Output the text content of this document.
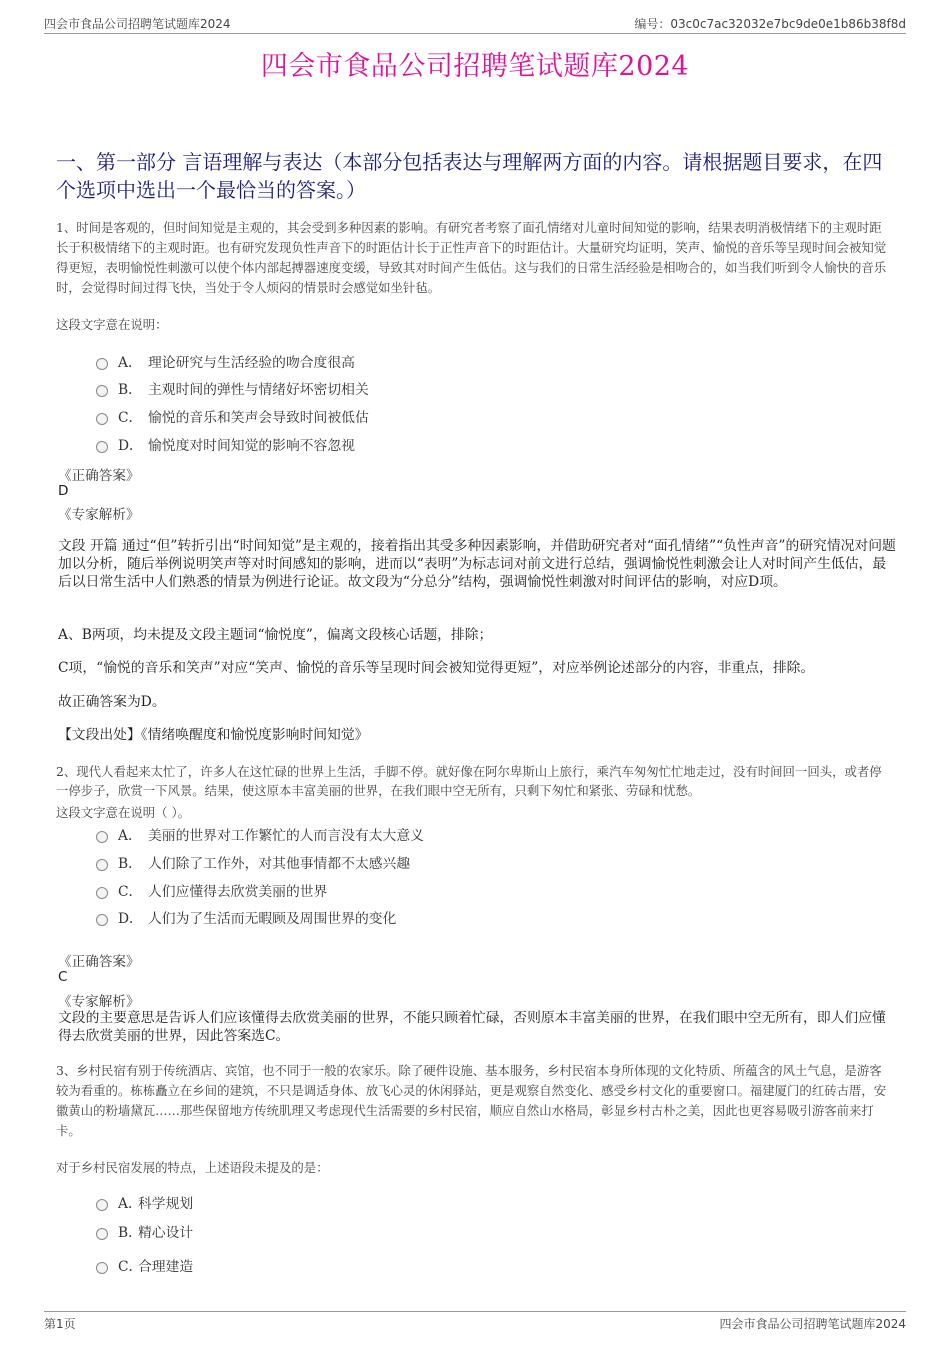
四会市食品公司招聘笔试题库2024	编号：03c0c7ac32032e7bc9de0e1b86b38f8d
四会市食品公司招聘笔试题库2024
一、第一部分 言语理解与表达（本部分包括表达与理解两方面的内容。请根据题目要求，在四个选项中选出一个最恰当的答案。）
1、时间是客观的，但时间知觉是主观的，其会受到多种因素的影响。有研究者考察了面孔情绪对儿童时间知觉的影响，结果表明消极情绪下的主观时距长于积极情绪下的主观时距。也有研究发现负性声音下的时距估计长于正性声音下的时距估计。大量研究均证明，笑声、愉悦的音乐等呈现时间会被知觉得更短，表明愉悦性刺激可以使个体内部起搏器速度变缓，导致其对时间产生低估。这与我们的日常生活经验是相吻合的，如当我们听到令人愉快的音乐时，会觉得时间过得飞快，当处于令人烦闷的情景时会感觉如坐针毡。
这段文字意在说明：
A． 理论研究与生活经验的吻合度很高
B． 主观时间的弹性与情绪好坏密切相关
C． 愉悦的音乐和笑声会导致时间被低估
D． 愉悦度对时间知觉的影响不容忽视
《正确答案》
D
《专家解析》
文段 开篇 通过“但”转折引出“时间知觉”是主观的，接着指出其受多种因素影响，并借助研究者对“面孔情绪”“负性声音”的研究情况对问题加以分析，随后举例说明笑声等对时间感知的影响，进而以“表明”为标志词对前文进行总结，强调愉悦性刺激会让人对时间产生低估，最后以日常生活中人们熟悉的情景为例进行论证。故文段为“分总分”结构，强调愉悦性刺激对时间评估的影响，对应D项。
A、B两项，均未提及文段主题词“愉悦度”，偏离文段核心话题，排除；
C项，“愉悦的音乐和笑声”对应“笑声、愉悦的音乐等呈现时间会被知觉得更短”，对应举例论述部分的内容，非重点，排除。
故正确答案为D。
【文段出处】《情绪唤醒度和愉悦度影响时间知觉》
2、现代人看起来太忙了，许多人在这忙碌的世界上生活，手脚不停。就好像在阿尔卑斯山上旅行，乘汽车匆匆忙忙地走过，没有时间回一回头，或者停一停步子，欣赏一下风景。结果，使这原本丰富美丽的世界，在我们眼中空无所有，只剩下匆忙和紧张、劳碌和忧愁。
这段文字意在说明（ ）。
A． 美丽的世界对工作繁忙的人而言没有太大意义
B． 人们除了工作外，对其他事情都不太感兴趣
C． 人们应懂得去欣赏美丽的世界
D． 人们为了生活而无暇顾及周围世界的变化
《正确答案》
C
《专家解析》
文段的主要意思是告诉人们应该懂得去欣赏美丽的世界，不能只顾着忙碌，否则原本丰富美丽的世界，在我们眼中空无所有，即人们应懂得去欣赏美丽的世界，因此答案选C。
3、乡村民宿有别于传统酒店、宾馆，也不同于一般的农家乐。除了硬件设施、基本服务，乡村民宿本身所体现的文化特质、所蕴含的风土气息，是游客较为看重的。栋栋矗立在乡间的建筑，不只是调适身体、放飞心灵的休闲驿站，更是观察自然变化、感受乡村文化的重要窗口。福建厦门的红砖古厝，安徽黄山的粉墙黛瓦……那些保留地方传统肌理又考虑现代生活需要的乡村民宿，顺应自然山水格局，彰显乡村古朴之美，因此也更容易吸引游客前来打卡。
对于乡村民宿发展的特点，上述语段未提及的是：
A．
科学规划
B．
精心设计
C．
合理建造
第1页	四会市食品公司招聘笔试题库2024
